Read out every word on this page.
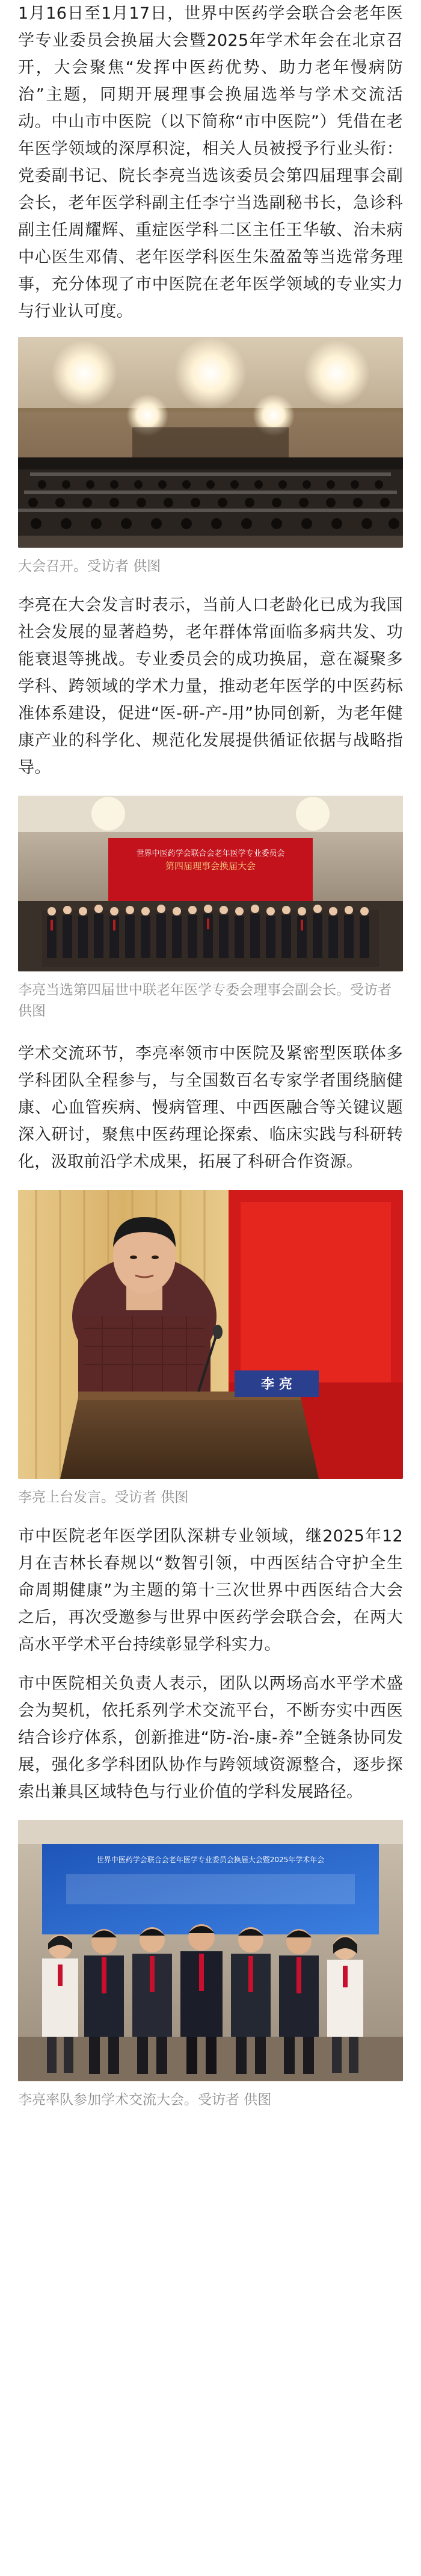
1月16日至1月17日，世界中医药学会联合会老年医学专业委员会换届大会暨2025年学术年会在北京召开，大会聚焦“发挥中医药优势、助力老年慢病防治”主题，同期开展理事会换届选举与学术交流活动。中山市中医院（以下简称“市中医院”）凭借在老年医学领域的深厚积淀，相关人员被授予行业头衔：党委副书记、院长李亮当选该委员会第四届理事会副会长，老年医学科副主任李宁当选副秘书长，急诊科副主任周耀辉、重症医学科二区主任王华敏、治未病中心医生邓倩、老年医学科医生朱盈盈等当选常务理事，充分体现了市中医院在老年医学领域的专业实力与行业认可度。

大会召开。受访者 供图

李亮在大会发言时表示，当前人口老龄化已成为我国社会发展的显著趋势，老年群体常面临多病共发、功能衰退等挑战。专业委员会的成功换届，意在凝聚多学科、跨领域的学术力量，推动老年医学的中医药标准体系建设，促进“医-研-产-用”协同创新，为老年健康产业的科学化、规范化发展提供循证依据与战略指导。

世界中医药学会联合会老年医学专业委员会
第四届理事会换届大会

李亮当选第四届世中联老年医学专委会理事会副会长。受访者 供图

学术交流环节，李亮率领市中医院及紧密型医联体多学科团队全程参与，与全国数百名专家学者围绕脑健康、心血管疾病、慢病管理、中西医融合等关键议题深入研讨，聚焦中医药理论探索、临床实践与科研转化，汲取前沿学术成果，拓展了科研合作资源。

李 亮

李亮上台发言。受访者 供图

市中医院老年医学团队深耕专业领域，继2025年12月在吉林长春规以“数智引领，中西医结合守护全生命周期健康”为主题的第十三次世界中西医结合大会之后，再次受邀参与世界中医药学会联合会，在两大高水平学术平台持续彰显学科实力。

市中医院相关负责人表示，团队以两场高水平学术盛会为契机，依托系列学术交流平台，不断夯实中西医结合诊疗体系，创新推进“防-治-康-养”全链条协同发展，强化多学科团队协作与跨领域资源整合，逐步探索出兼具区域特色与行业价值的学科发展路径。

世界中医药学会联合会老年医学专业委员会换届大会暨2025年学术年会

李亮率队参加学术交流大会。受访者 供图
